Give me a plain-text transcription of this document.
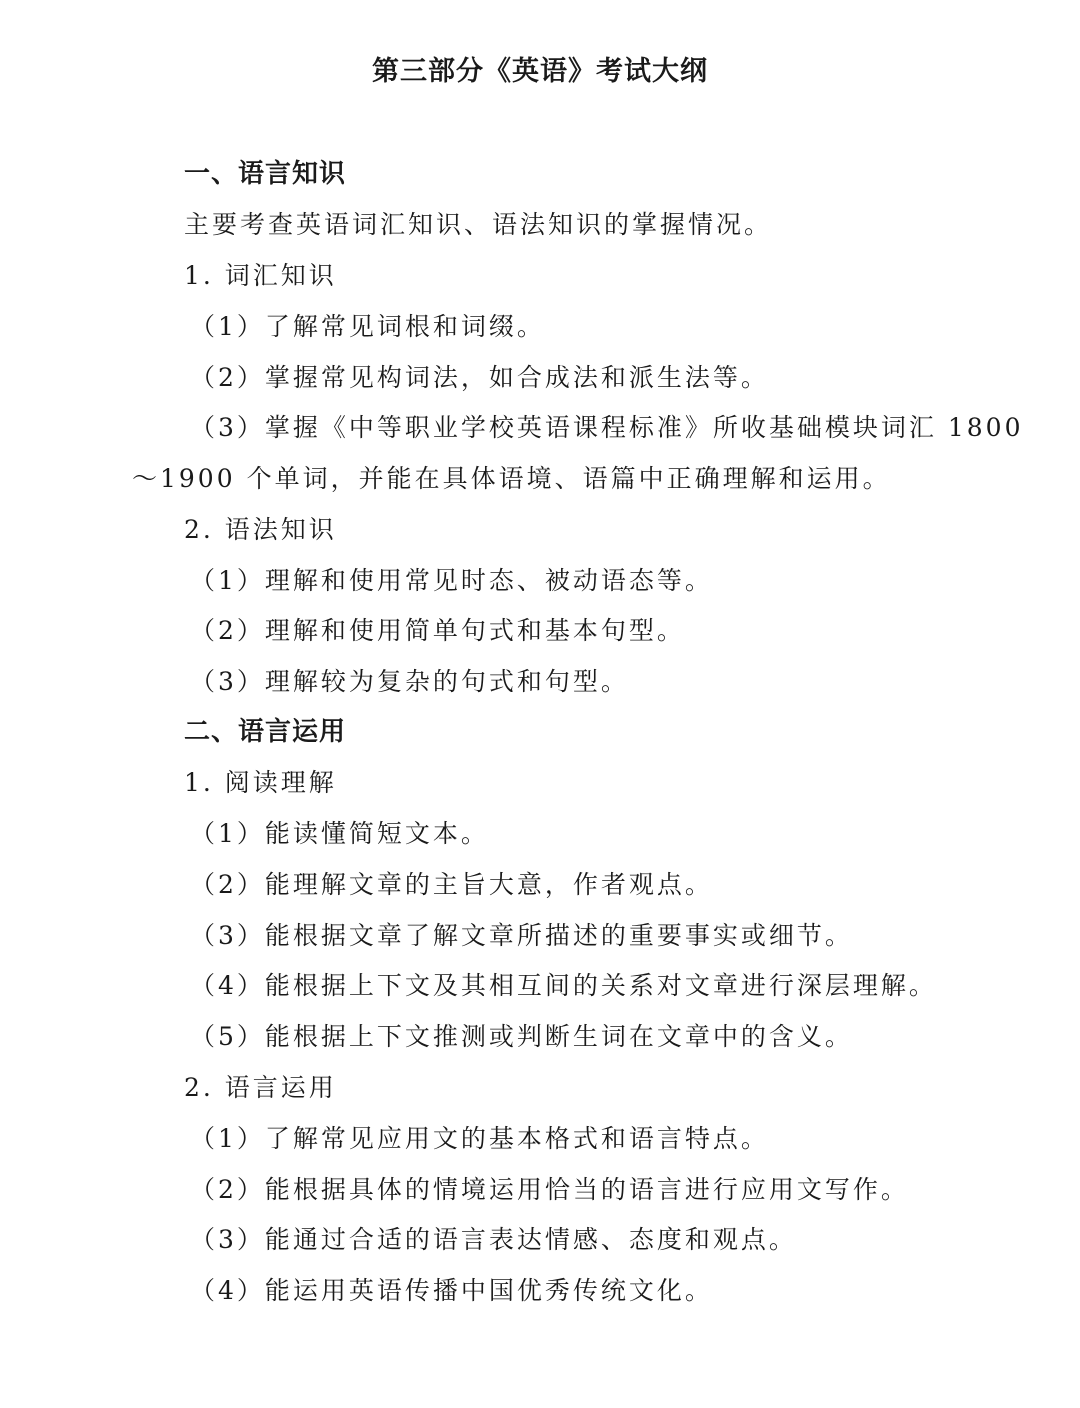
第三部分《英语》考试大纲
一、语言知识
主要考查英语词汇知识、语法知识的掌握情况。
1. 词汇知识
（1）了解常见词根和词缀。
（2）掌握常见构词法，如合成法和派生法等。
（3）掌握《中等职业学校英语课程标准》所收基础模块词汇 1800
～1900 个单词，并能在具体语境、语篇中正确理解和运用。
2. 语法知识
（1）理解和使用常见时态、被动语态等。
（2）理解和使用简单句式和基本句型。
（3）理解较为复杂的句式和句型。
二、语言运用
1. 阅读理解
（1）能读懂简短文本。
（2）能理解文章的主旨大意，作者观点。
（3）能根据文章了解文章所描述的重要事实或细节。
（4）能根据上下文及其相互间的关系对文章进行深层理解。
（5）能根据上下文推测或判断生词在文章中的含义。
2. 语言运用
（1）了解常见应用文的基本格式和语言特点。
（2）能根据具体的情境运用恰当的语言进行应用文写作。
（3）能通过合适的语言表达情感、态度和观点。
（4）能运用英语传播中国优秀传统文化。
